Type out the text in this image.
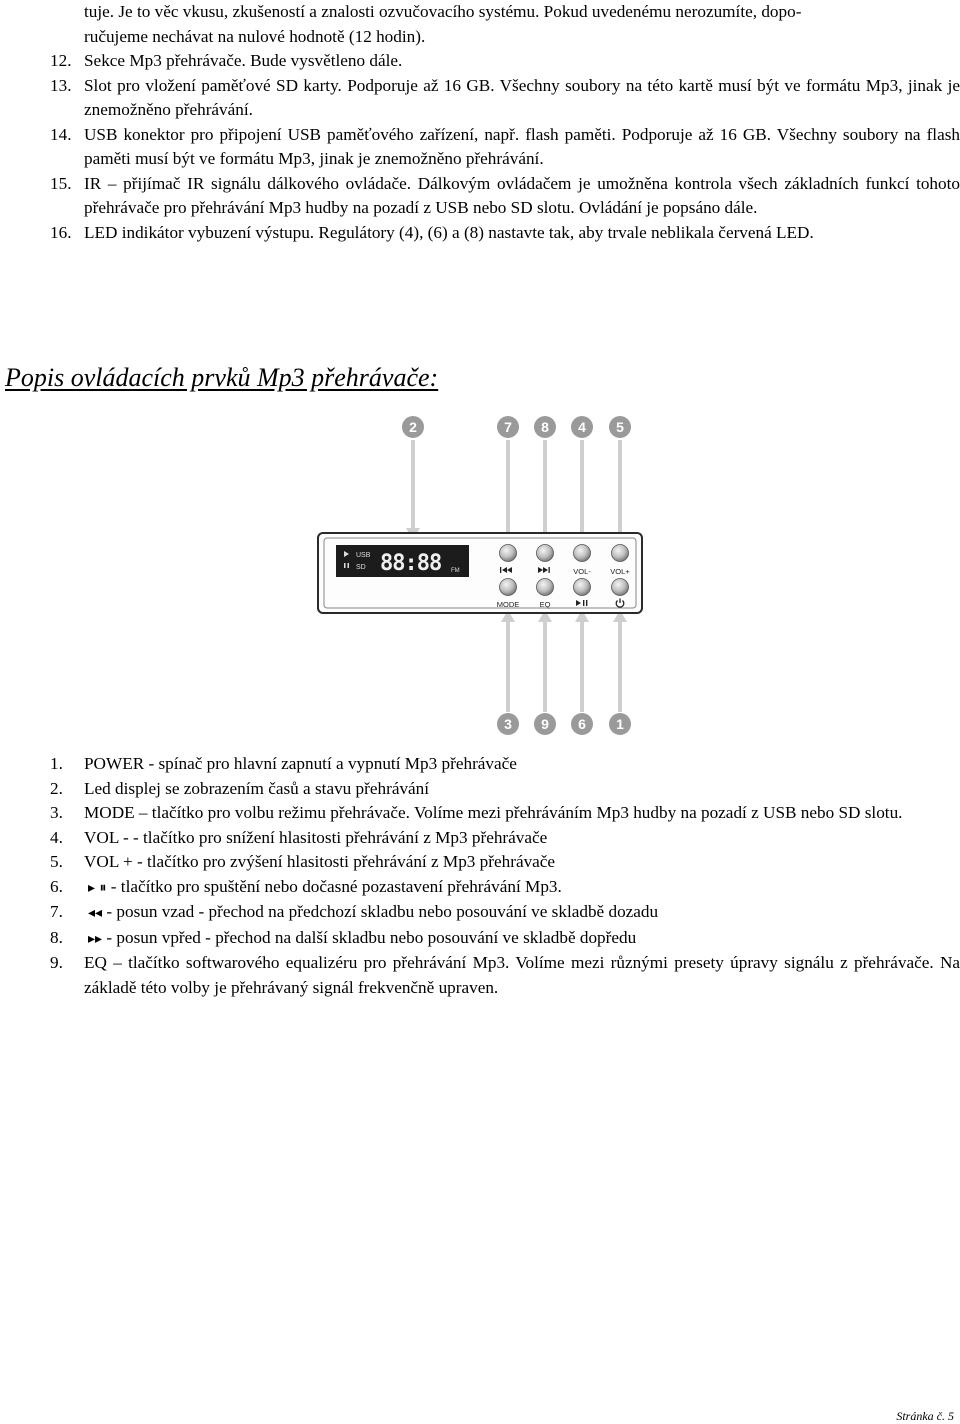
tuje. Je to věc vkusu, zkušeností a znalosti ozvučovacího systému. Pokud uvedenému nerozumíte, dopo-
ručujeme nechávat na nulové hodnotě (12 hodin).
12. Sekce Mp3 přehrávače. Bude vysvětleno dále.
13. Slot pro vložení paměťové SD karty. Podporuje až 16 GB. Všechny soubory na této kartě musí být ve formátu Mp3, jinak je znemožněno přehrávání.
14. USB konektor pro připojení USB paměťového zařízení, např. flash paměti. Podporuje až 16 GB. Všechny soubory na flash paměti musí být ve formátu Mp3, jinak je znemožněno přehrávání.
15. IR – přijímač IR signálu dálkového ovládače. Dálkovým ovládačem je umožněna kontrola všech základních funkcí tohoto přehrávače pro přehrávání Mp3 hudby na pozadí z USB nebo SD slotu. Ovládání je popsáno dále.
16. LED indikátor vybuzení výstupu. Regulátory (4), (6) a (8) nastavte tak, aby trvale neblikala červená LED.
Popis ovládacích prvků Mp3 přehrávače:
2	7 8 4 5
3 9 6 1
USB
SD 88:88 FM	VOL-	VOL+
MODE	EQ
1.	POWER - spínač pro hlavní zapnutí a vypnutí Mp3 přehrávače
2.	Led displej se zobrazením časů a stavu přehrávání
3.	MODE – tlačítko pro volbu režimu přehrávače. Volíme mezi přehráváním Mp3 hudby na pozadí z USB nebo SD slotu.
4.	VOL - - tlačítko pro snížení hlasitosti přehrávání z Mp3 přehrávače
5.	VOL + - tlačítko pro zvýšení hlasitosti přehrávání z Mp3 přehrávače
6.	▸ ⏸ - tlačítko pro spuštění nebo dočasné pozastavení přehrávání Mp3.
7.	◂◂ - posun vzad - přechod na předchozí skladbu nebo posouvání ve skladbě dozadu
8.	▸▸ - posun vpřed - přechod na další skladbu nebo posouvání ve skladbě dopředu
9.	EQ – tlačítko softwarového equalizéru pro přehrávání Mp3. Volíme mezi různými presety úpravy signálu z přehrávače. Na základě této volby je přehrávaný signál frekvenčně upraven.
Stránka č. 5
